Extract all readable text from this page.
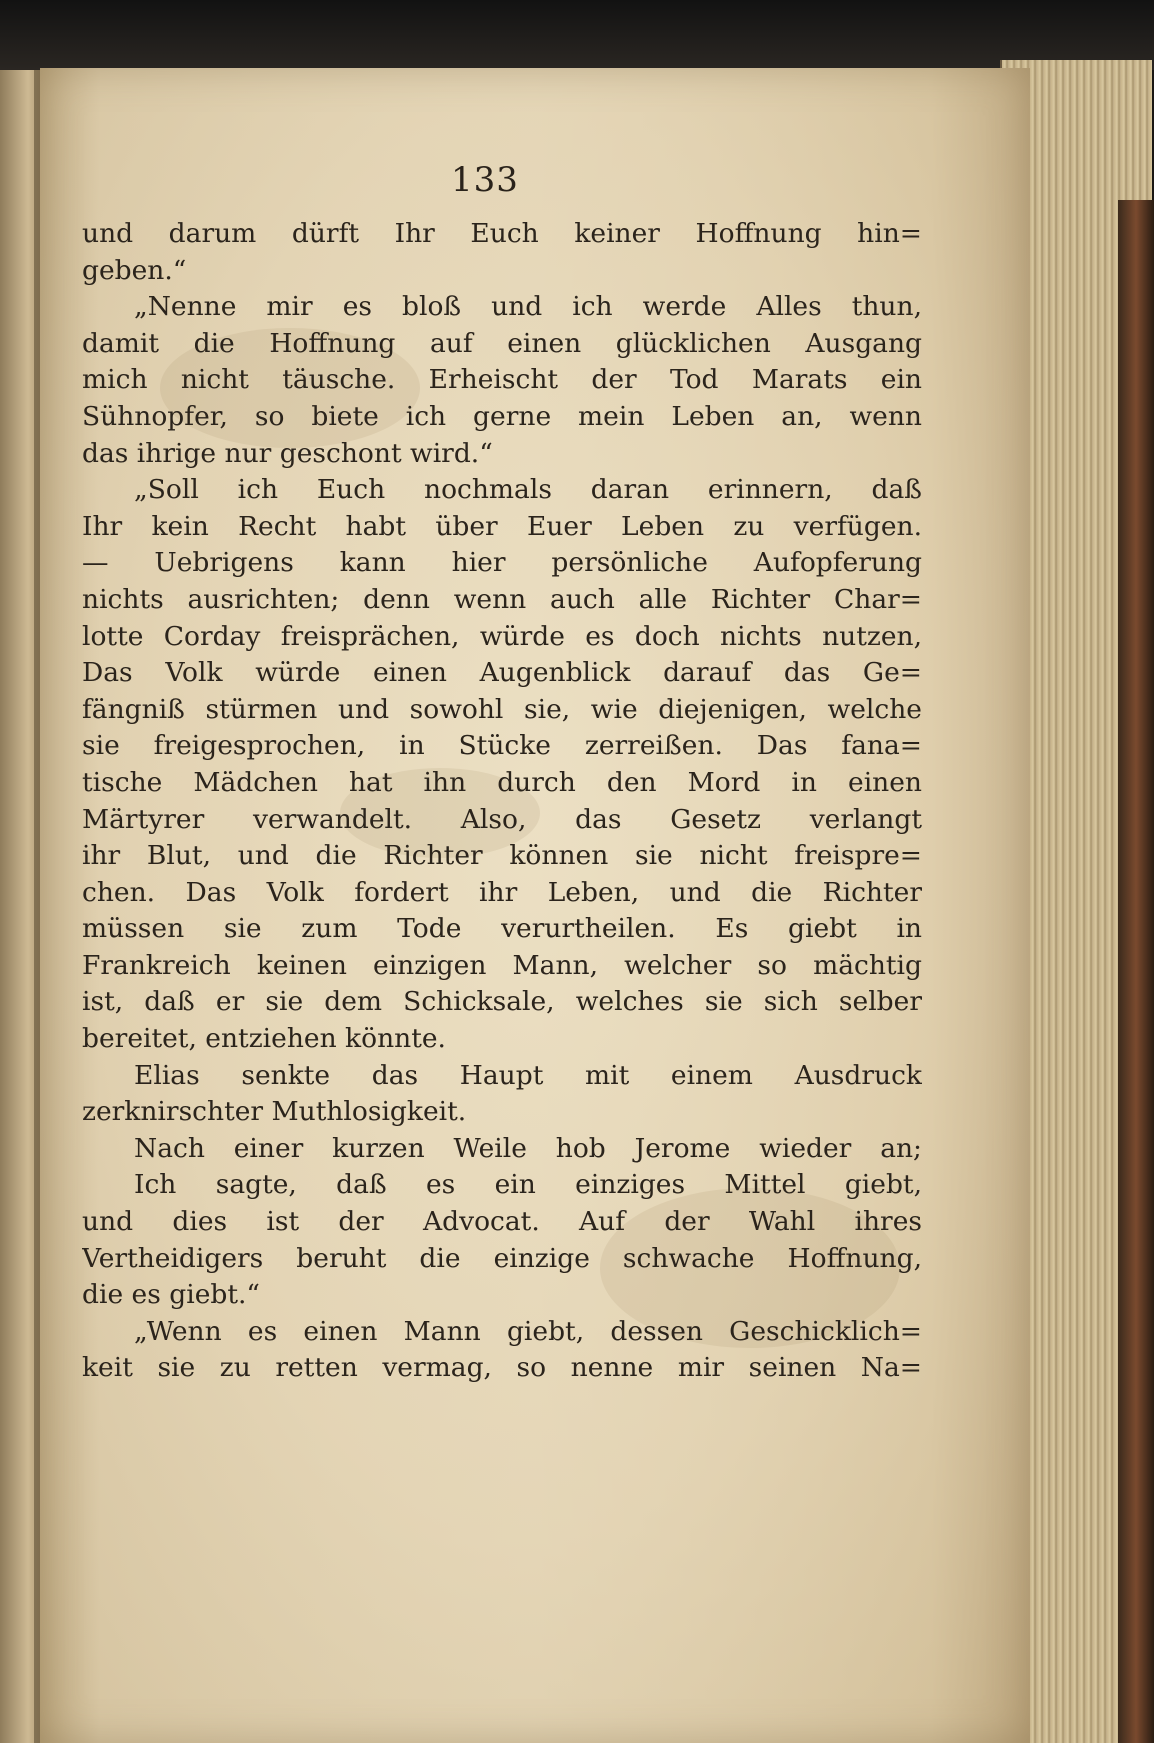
133
und darum dürft Ihr Euch keiner Hoffnung hin=
geben.“
„Nenne mir es bloß und ich werde Alles thun,
damit die Hoffnung auf einen glücklichen Ausgang
mich nicht täusche. Erheischt der Tod Marats ein
Sühnopfer, so biete ich gerne mein Leben an, wenn
das ihrige nur geschont wird.“
„Soll ich Euch nochmals daran erinnern, daß
Ihr kein Recht habt über Euer Leben zu verfügen.
— Uebrigens kann hier persönliche Aufopferung
nichts ausrichten; denn wenn auch alle Richter Char=
lotte Corday freisprächen, würde es doch nichts nutzen,
Das Volk würde einen Augenblick darauf das Ge=
fängniß stürmen und sowohl sie, wie diejenigen, welche
sie freigesprochen, in Stücke zerreißen. Das fana=
tische Mädchen hat ihn durch den Mord in einen
Märtyrer verwandelt. Also, das Gesetz verlangt
ihr Blut, und die Richter können sie nicht freispre=
chen. Das Volk fordert ihr Leben, und die Richter
müssen sie zum Tode verurtheilen. Es giebt in
Frankreich keinen einzigen Mann, welcher so mächtig
ist, daß er sie dem Schicksale, welches sie sich selber
bereitet, entziehen könnte.
Elias senkte das Haupt mit einem Ausdruck
zerknirschter Muthlosigkeit.
Nach einer kurzen Weile hob Jerome wieder an;
Ich sagte, daß es ein einziges Mittel giebt,
und dies ist der Advocat. Auf der Wahl ihres
Vertheidigers beruht die einzige schwache Hoffnung,
die es giebt.“
„Wenn es einen Mann giebt, dessen Geschicklich=
keit sie zu retten vermag, so nenne mir seinen Na=
